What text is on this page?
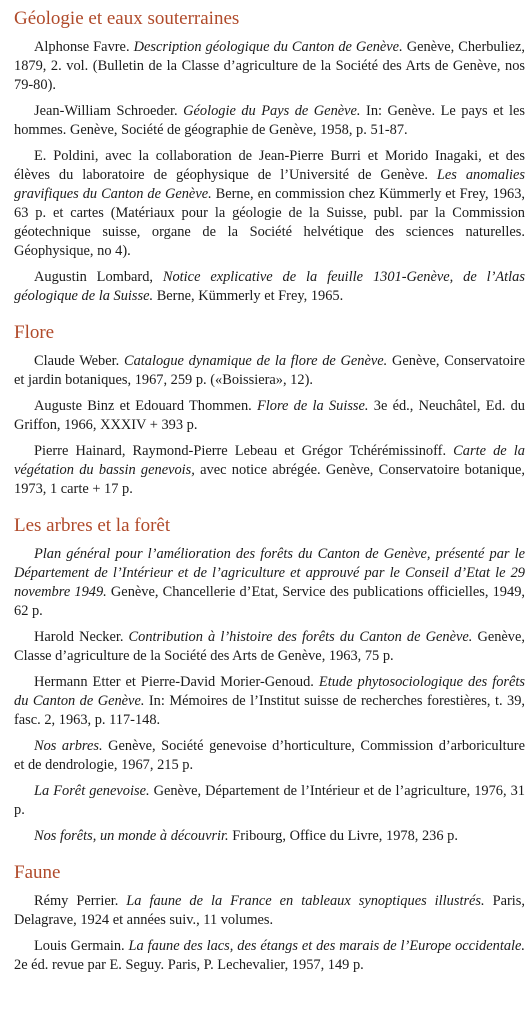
Géologie et eaux souterraines

Alphonse Favre. Description géologique du Canton de Genève. Genève, Cherbuliez, 1879, 2. vol. (Bulletin de la Classe d’agriculture de la Société des Arts de Genève, nos 79-80).

Jean-William Schroeder. Géologie du Pays de Genève. In: Genève. Le pays et les hommes. Genève, Société de géographie de Genève, 1958, p. 51-87.

E. Poldini, avec la collaboration de Jean-Pierre Burri et Morido Inagaki, et des élèves du laboratoire de géophysique de l’Université de Genève. Les anomalies gravifiques du Canton de Genève. Berne, en commission chez Kümmerly et Frey, 1963, 63 p. et cartes (Matériaux pour la géologie de la Suisse, publ. par la Commission géotechnique suisse, organe de la Société helvétique des sciences naturelles. Géophysique, no 4).

Augustin Lombard, Notice explicative de la feuille 1301-Genève, de l’Atlas géologique de la Suisse. Berne, Kümmerly et Frey, 1965.

Flore

Claude Weber. Catalogue dynamique de la flore de Genève. Genève, Conservatoire et jardin botaniques, 1967, 259 p. («Boissiera», 12).

Auguste Binz et Edouard Thommen. Flore de la Suisse. 3e éd., Neuchâtel, Ed. du Griffon, 1966, XXXIV + 393 p.

Pierre Hainard, Raymond-Pierre Lebeau et Grégor Tchérémissinoff. Carte de la végétation du bassin genevois, avec notice abrégée. Genève, Conservatoire botanique, 1973, 1 carte + 17 p.

Les arbres et la forêt

Plan général pour l’amélioration des forêts du Canton de Genève, présenté par le Département de l’Intérieur et de l’agriculture et approuvé par le Conseil d’Etat le 29 novembre 1949. Genève, Chancellerie d’Etat, Service des publications officielles, 1949, 62 p.

Harold Necker. Contribution à l’histoire des forêts du Canton de Genève. Genève, Classe d’agriculture de la Société des Arts de Genève, 1963, 75 p.

Hermann Etter et Pierre-David Morier-Genoud. Etude phytosociologique des forêts du Canton de Genève. In: Mémoires de l’Institut suisse de recherches forestières, t. 39, fasc. 2, 1963, p. 117-148.

Nos arbres. Genève, Société genevoise d’horticulture, Commission d’arboriculture et de dendrologie, 1967, 215 p.

La Forêt genevoise. Genève, Département de l’Intérieur et de l’agriculture, 1976, 31 p.

Nos forêts, un monde à découvrir. Fribourg, Office du Livre, 1978, 236 p.

Faune

Rémy Perrier. La faune de la France en tableaux synoptiques illustrés. Paris, Delagrave, 1924 et années suiv., 11 volumes.

Louis Germain. La faune des lacs, des étangs et des marais de l’Europe occidentale. 2e éd. revue par E. Seguy. Paris, P. Lechevalier, 1957, 149 p.
